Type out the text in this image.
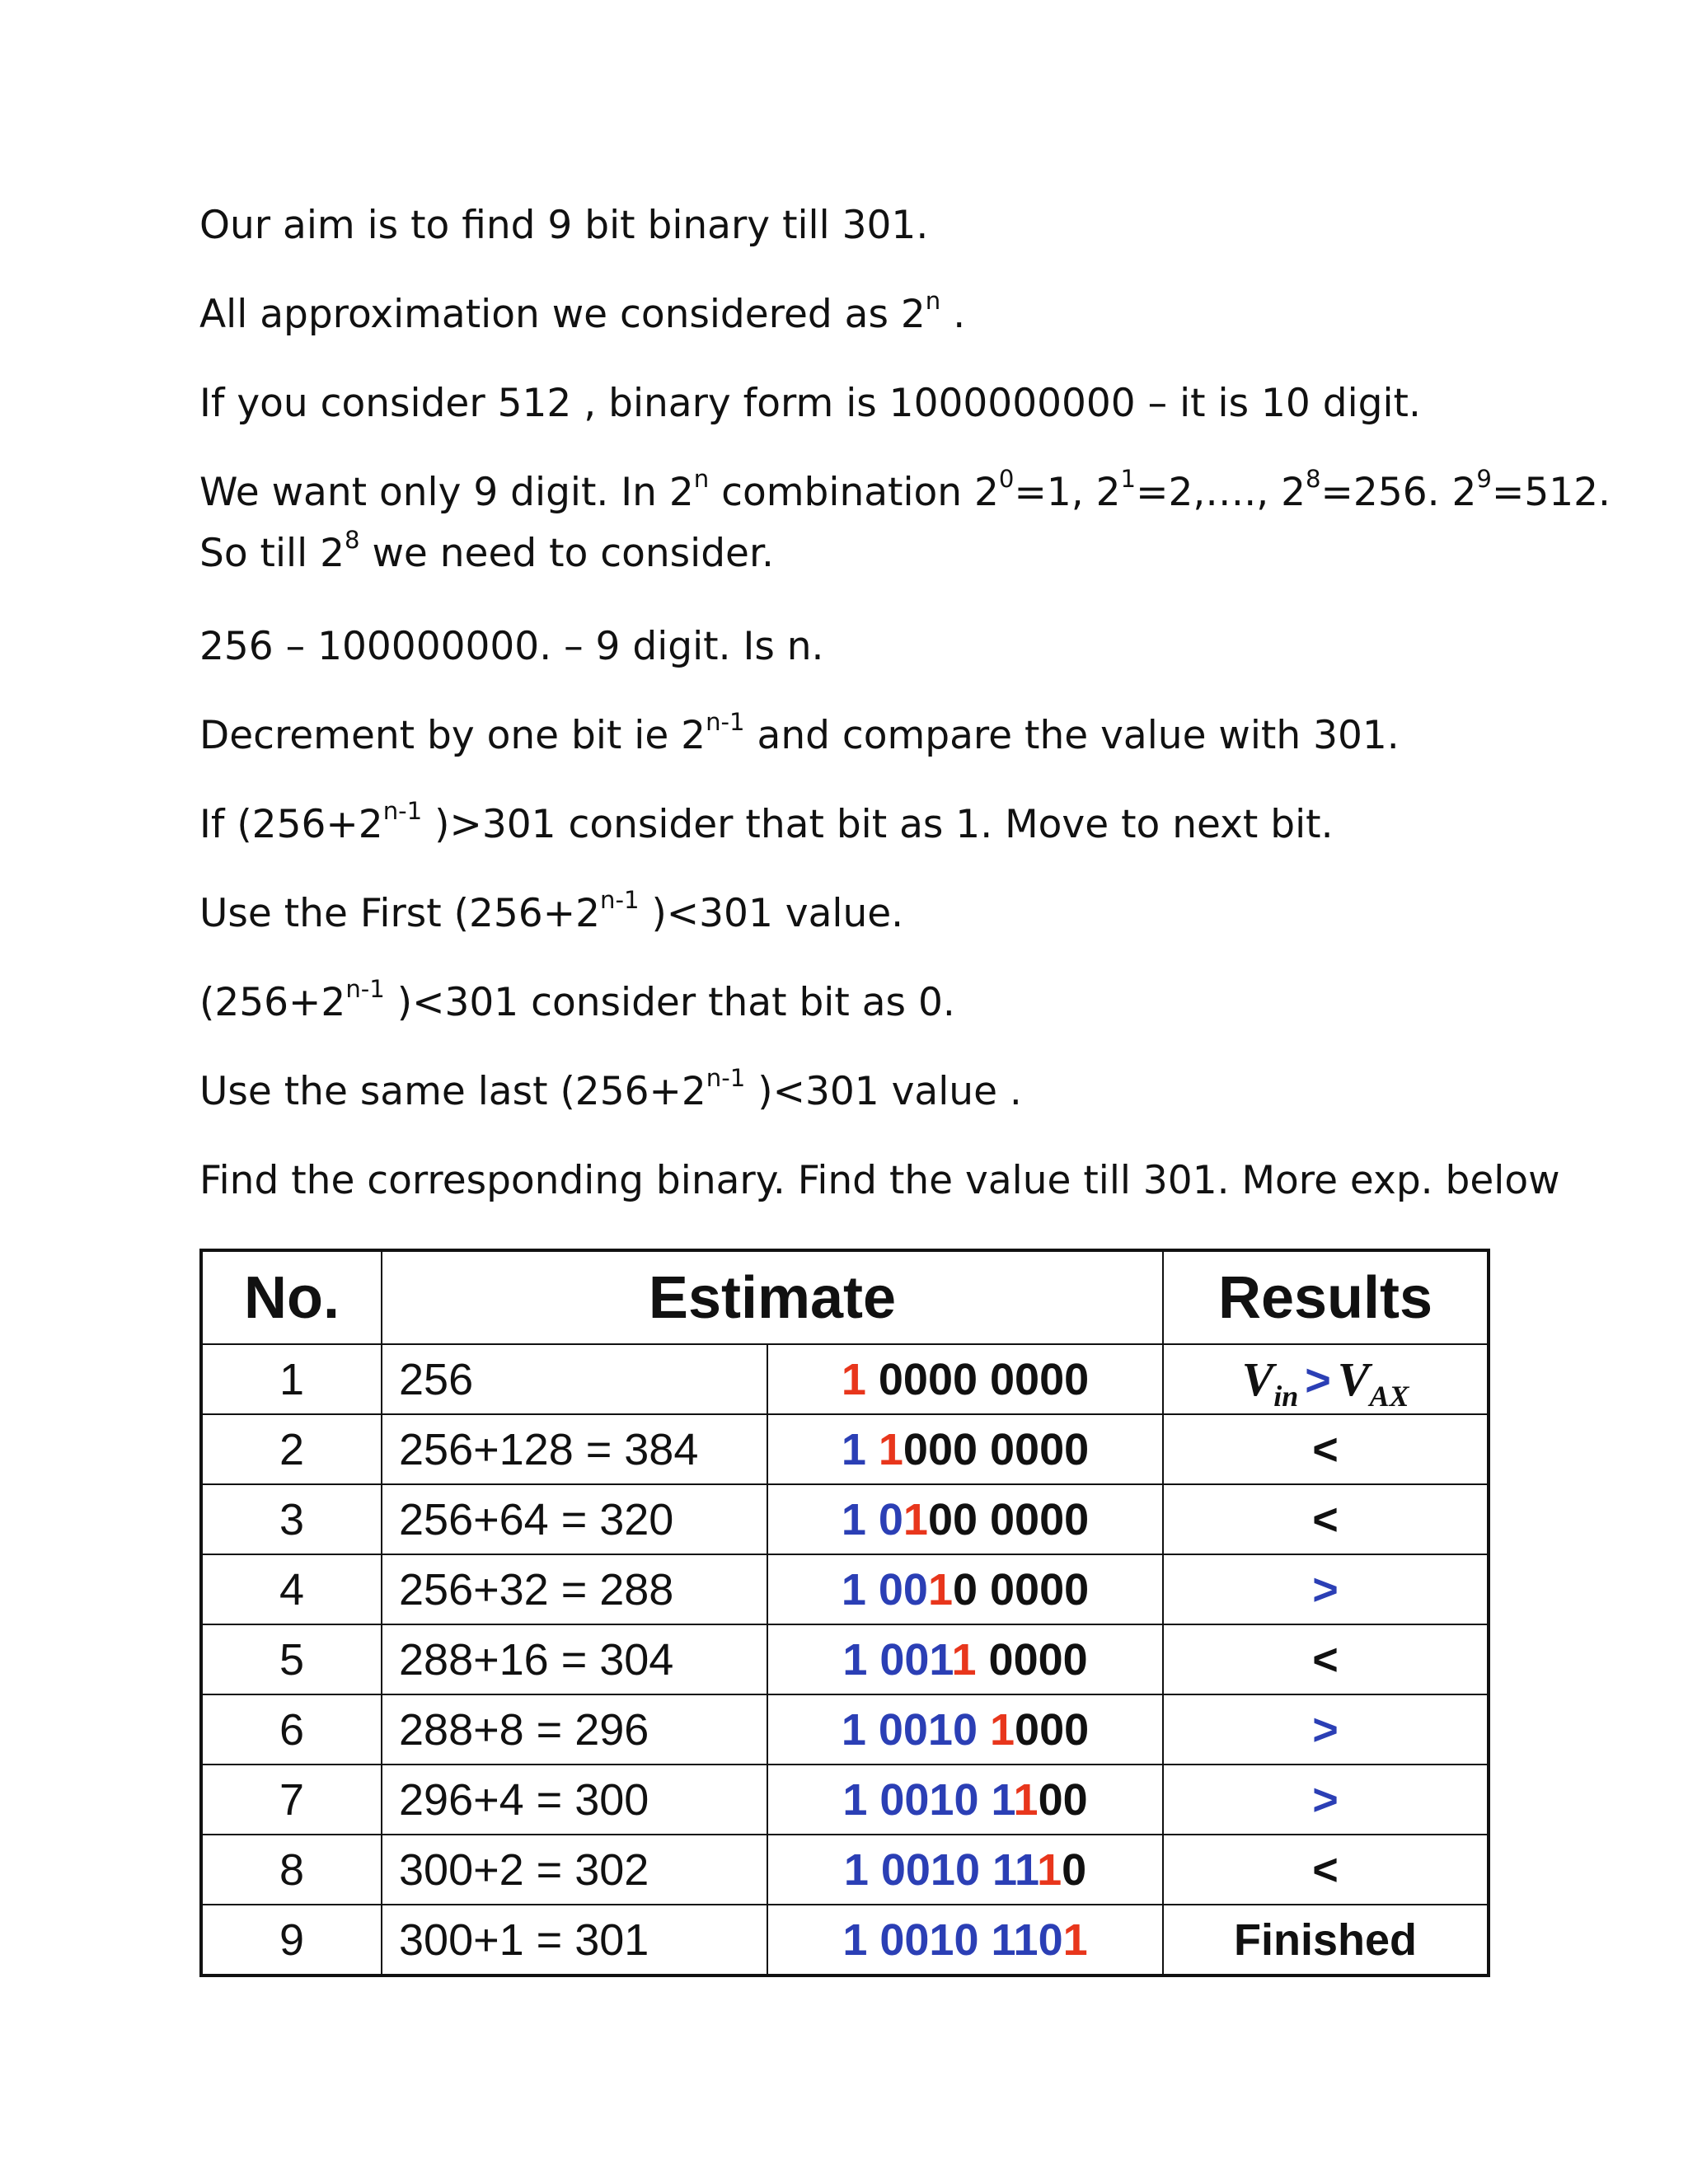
Our aim is to find 9 bit binary till 301.

All approximation we considered as 2$^n$ .

If you consider 512 , binary form is 1000000000 – it is 10 digit.

We want only 9 digit. In 2$^n$ combination $2^0=1$, $2^1=2,\dots$., $2^8=256$. $2^9=512$.

So till $2^8$ we need to consider.

256 – 100000000. – 9 digit. Is n.

Decrement by one bit ie 2$^{n-1}$ and compare the value with 301.

If ($256+2^{n-1}$ )>301 consider that bit as 1. Move to next bit.

Use the First ($256+2^{n-1}$ )<301 value.

($256+2^{n-1}$ )<301 consider that bit as 0.

Use the same last ($256+2^{n-1}$ )<301 value .

Find the corresponding binary. Find the value till 301. More exp. below

No.	Estimate		Results
1	256	1 0000 0000	$V_{in} > V_{AX}$
2	256+128 = 384	1 1000 0000	<
3	256+64 = 320	1 0100 0000	<
4	256+32 = 288	1 0010 0000	>
5	288+16 = 304	1 0011 0000	<
6	288+8 = 296	1 0010 1000	>
7	296+4 = 300	1 0010 1100	>
8	300+2 = 302	1 0010 1110	<
9	300+1 = 301	1 0010 1101	Finished
